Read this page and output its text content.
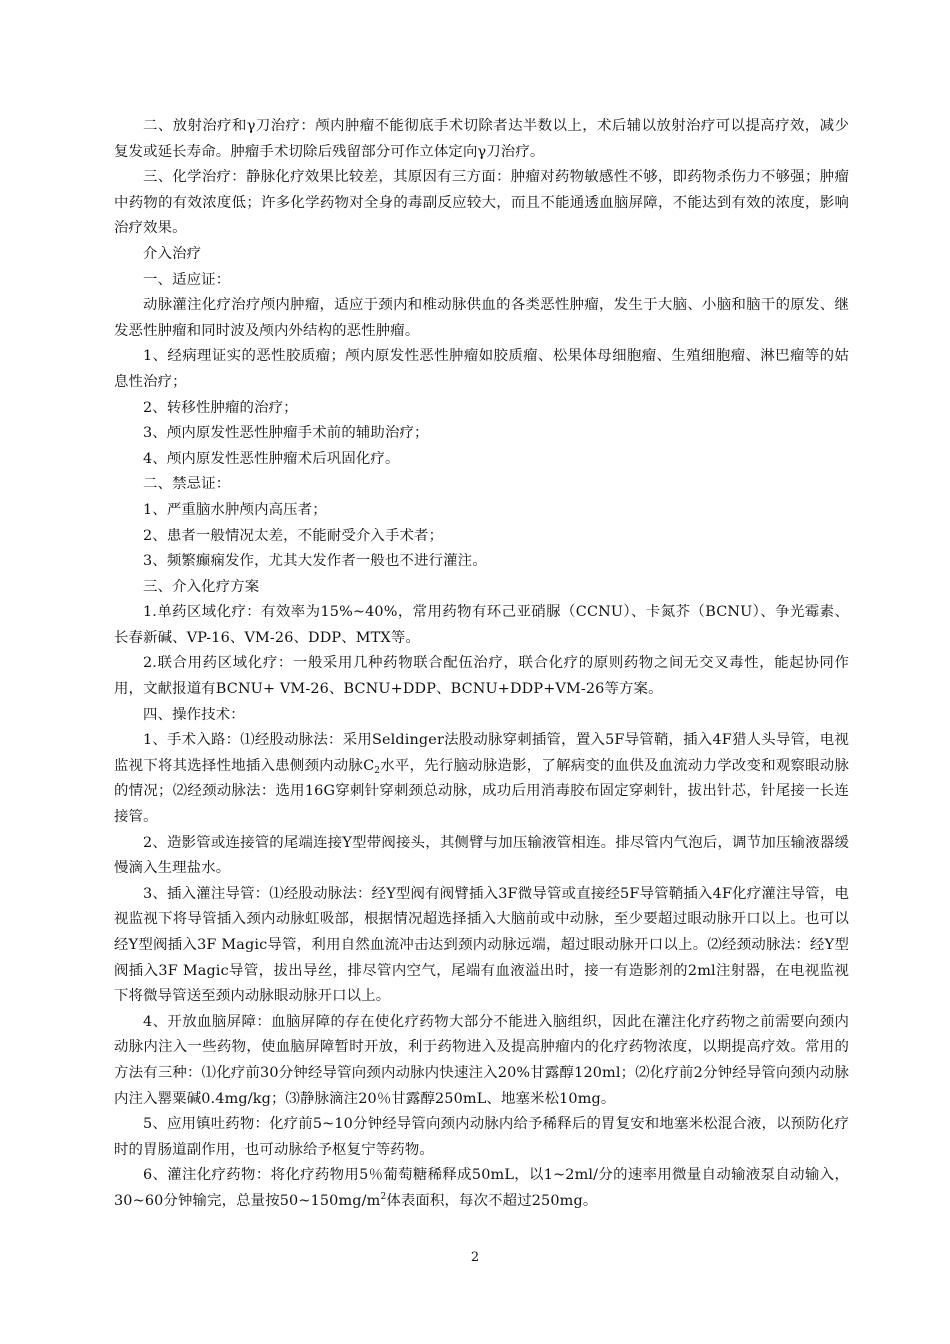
二、放射治疗和γ刀治疗：颅内肿瘤不能彻底手术切除者达半数以上，术后辅以放射治疗可以提高疗效，减少复发或延长寿命。肿瘤手术切除后残留部分可作立体定向γ刀治疗。

三、化学治疗：静脉化疗效果比较差，其原因有三方面：肿瘤对药物敏感性不够，即药物杀伤力不够强；肿瘤中药物的有效浓度低；许多化学药物对全身的毒副反应较大，而且不能通透血脑屏障，不能达到有效的浓度，影响治疗效果。

介入治疗

一、适应证：

动脉灌注化疗治疗颅内肿瘤，适应于颈内和椎动脉供血的各类恶性肿瘤，发生于大脑、小脑和脑干的原发、继发恶性肿瘤和同时波及颅内外结构的恶性肿瘤。

1、经病理证实的恶性胶质瘤；颅内原发性恶性肿瘤如胶质瘤、松果体母细胞瘤、生殖细胞瘤、淋巴瘤等的姑息性治疗；

2、转移性肿瘤的治疗；

3、颅内原发性恶性肿瘤手术前的辅助治疗；

4、颅内原发性恶性肿瘤术后巩固化疗。

二、禁忌证：

1、严重脑水肿颅内高压者；

2、患者一般情况太差，不能耐受介入手术者；

3、频繁癫痫发作，尤其大发作者一般也不进行灌注。

三、介入化疗方案

1.单药区域化疗：有效率为15%~40%，常用药物有环己亚硝脲（CCNU）、卡氮芥（BCNU）、争光霉素、长春新碱、VP-16、VM-26、DDP、MTX等。

2.联合用药区域化疗：一般采用几种药物联合配伍治疗，联合化疗的原则药物之间无交叉毒性，能起协同作用，文献报道有BCNU+ VM-26、BCNU+DDP、BCNU+DDP+VM-26等方案。

四、操作技术：

1、手术入路：⑴经股动脉法：采用Seldinger法股动脉穿刺插管，置入5F导管鞘，插入4F猎人头导管，电视监视下将其选择性地插入患侧颈内动脉$C_2$水平，先行脑动脉造影，了解病变的血供及血流动力学改变和观察眼动脉的情况；⑵经颈动脉法：选用16G穿刺针穿刺颈总动脉，成功后用消毒胶布固定穿刺针，拔出针芯，针尾接一长连接管。

2、造影管或连接管的尾端连接Y型带阀接头，其侧臂与加压输液管相连。排尽管内气泡后，调节加压输液器缓慢滴入生理盐水。

3、插入灌注导管：⑴经股动脉法：经Y型阀有阀臂插入3F微导管或直接经5F导管鞘插入4F化疗灌注导管，电视监视下将导管插入颈内动脉虹吸部，根据情况超选择插入大脑前或中动脉，至少要超过眼动脉开口以上。也可以经Y型阀插入3F Magic导管，利用自然血流冲击达到颈内动脉远端，超过眼动脉开口以上。⑵经颈动脉法：经Y型阀插入3F Magic导管，拔出导丝，排尽管内空气，尾端有血液溢出时，接一有造影剂的2ml注射器，在电视监视下将微导管送至颈内动脉眼动脉开口以上。

4、开放血脑屏障：血脑屏障的存在使化疗药物大部分不能进入脑组织，因此在灌注化疗药物之前需要向颈内动脉内注入一些药物，使血脑屏障暂时开放，利于药物进入及提高肿瘤内的化疗药物浓度，以期提高疗效。常用的方法有三种：⑴化疗前30分钟经导管向颈内动脉内快速注入20%甘露醇120ml；⑵化疗前2分钟经导管向颈内动脉内注入罂粟碱0.4mg/kg；⑶静脉滴注20％甘露醇250mL、地塞米松10mg。

5、应用镇吐药物：化疗前5~10分钟经导管向颈内动脉内给予稀释后的胃复安和地塞米松混合液，以预防化疗时的胃肠道副作用，也可动脉给予枢复宁等药物。

6、灌注化疗药物：将化疗药物用5％葡萄糖稀释成50mL，以1~2ml/分的速率用微量自动输液泵自动输入，30~60分钟输完，总量按$50\sim 150mg/m^2$体表面积，每次不超过250mg。

2
